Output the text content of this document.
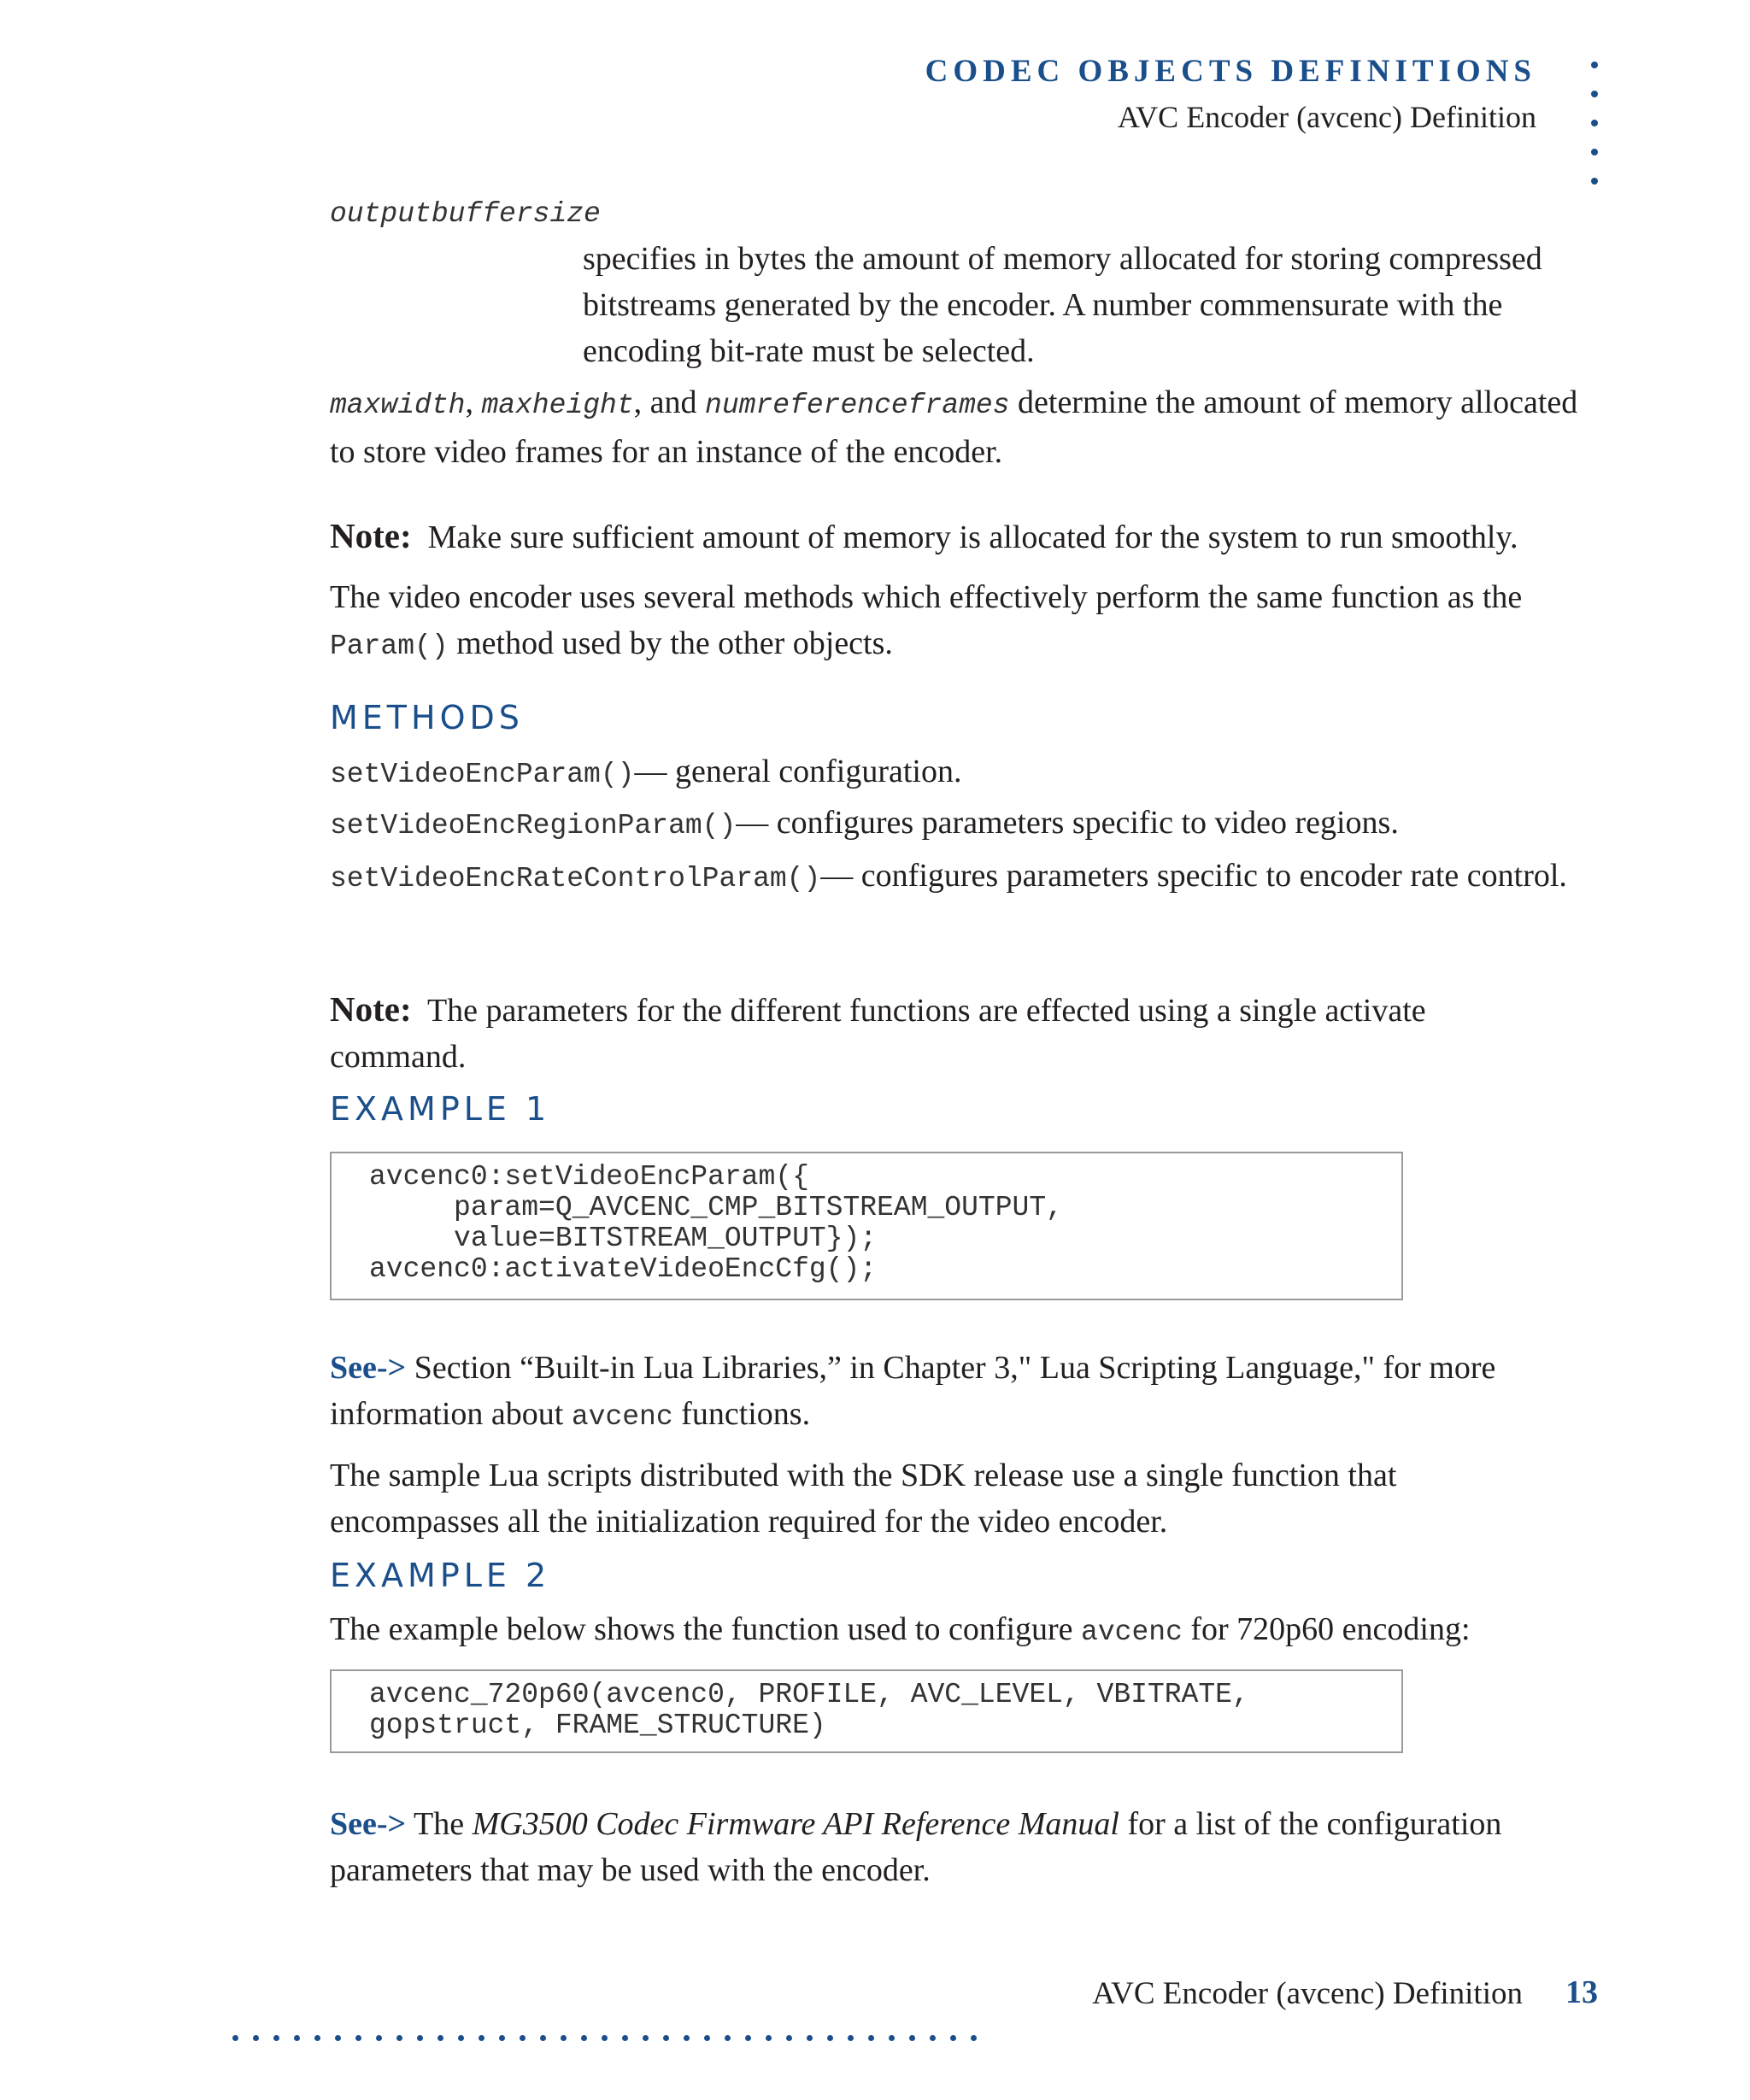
CODEC OBJECTS DEFINITIONS
AVC Encoder (avcenc) Definition
outputbuffersize
specifies in bytes the amount of memory allocated for storing compressed bitstreams generated by the encoder. A number commensurate with the encoding bit-rate must be selected.
maxwidth, maxheight, and numreferenceframes determine the amount of memory allocated to store video frames for an instance of the encoder.
Note: Make sure sufficient amount of memory is allocated for the system to run smoothly.
The video encoder uses several methods which effectively perform the same function as the Param() method used by the other objects.
METHODS
setVideoEncParam()— general configuration.
setVideoEncRegionParam()— configures parameters specific to video regions.
setVideoEncRateControlParam()— configures parameters specific to encoder rate control.
Note: The parameters for the different functions are effected using a single activate command.
EXAMPLE 1
avcenc0:setVideoEncParam({
param=Q_AVCENC_CMP_BITSTREAM_OUTPUT,
value=BITSTREAM_OUTPUT});
avcenc0:activateVideoEncCfg();
See-> Section “Built-in Lua Libraries,” in Chapter 3," Lua Scripting Language," for more information about avcenc functions.
The sample Lua scripts distributed with the SDK release use a single function that encompasses all the initialization required for the video encoder.
EXAMPLE 2
The example below shows the function used to configure avcenc for 720p60 encoding:
avcenc_720p60(avcenc0, PROFILE, AVC_LEVEL, VBITRATE,
gopstruct, FRAME_STRUCTURE)
See-> The MG3500 Codec Firmware API Reference Manual for a list of the configuration parameters that may be used with the encoder.
AVC Encoder (avcenc) Definition 13
